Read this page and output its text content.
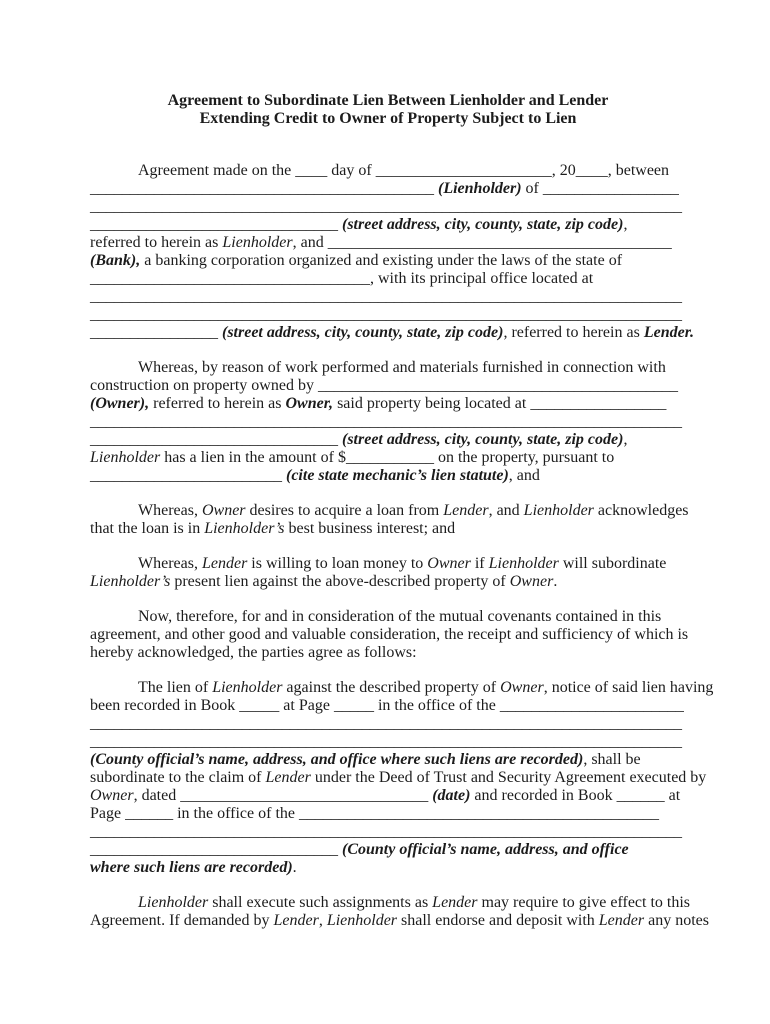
Agreement to Subordinate Lien Between Lienholder and Lender
Extending Credit to Owner of Property Subject to Lien
Agreement made on the ____ day of ______________________, 20____, between
___________________________________________ (Lienholder) of _________________
__________________________________________________________________________
_______________________________ (street address, city, county, state, zip code),
referred to herein as Lienholder, and ___________________________________________
(Bank), a banking corporation organized and existing under the laws of the state of
___________________________________, with its principal office located at
__________________________________________________________________________
__________________________________________________________________________
________________ (street address, city, county, state, zip code), referred to herein as Lender.
Whereas, by reason of work performed and materials furnished in connection with
construction on property owned by _____________________________________________
(Owner), referred to herein as Owner, said property being located at _________________
__________________________________________________________________________
_______________________________ (street address, city, county, state, zip code),
Lienholder has a lien in the amount of $___________ on the property, pursuant to
________________________ (cite state mechanic’s lien statute), and
Whereas, Owner desires to acquire a loan from Lender, and Lienholder acknowledges
that the loan is in Lienholder’s best business interest; and
Whereas, Lender is willing to loan money to Owner if Lienholder will subordinate
Lienholder’s present lien against the above-described property of Owner.
Now, therefore, for and in consideration of the mutual covenants contained in this
agreement, and other good and valuable consideration, the receipt and sufficiency of which is
hereby acknowledged, the parties agree as follows:
The lien of Lienholder against the described property of Owner, notice of said lien having
been recorded in Book _____ at Page _____ in the office of the _______________________
__________________________________________________________________________
__________________________________________________________________________
(County official’s name, address, and office where such liens are recorded), shall be
subordinate to the claim of Lender under the Deed of Trust and Security Agreement executed by
Owner, dated _______________________________ (date) and recorded in Book ______ at
Page ______ in the office of the _____________________________________________
__________________________________________________________________________
_______________________________ (County official’s name, address, and office
where such liens are recorded).
Lienholder shall execute such assignments as Lender may require to give effect to this
Agreement. If demanded by Lender, Lienholder shall endorse and deposit with Lender any notes
